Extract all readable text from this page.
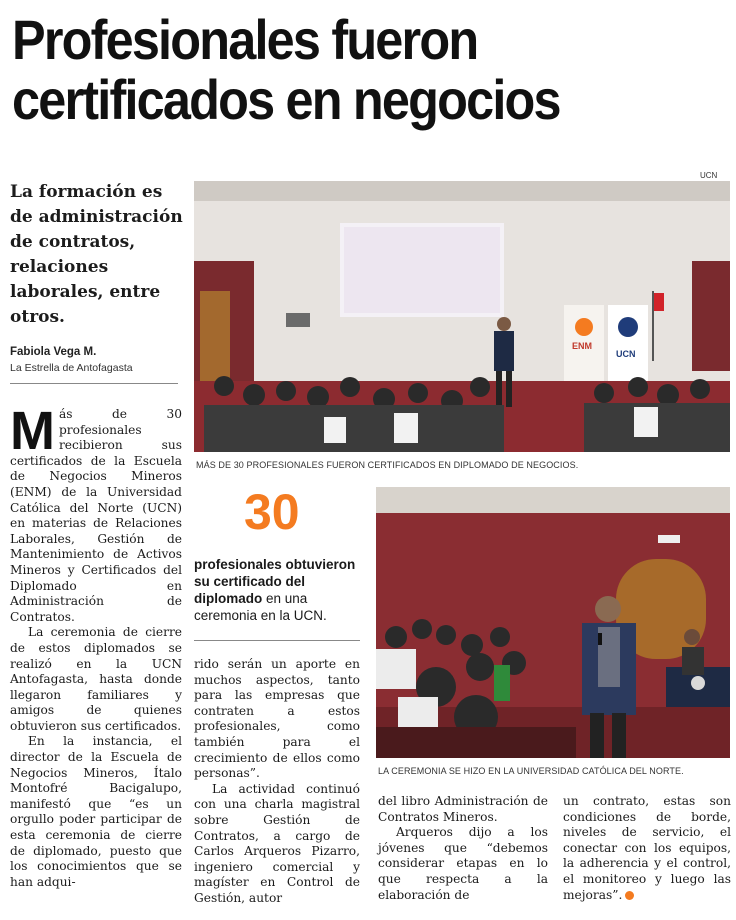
Profesionales fueron certificados en negocios
La formación es de administración de contratos, relaciones laborales, entre otros.
Fabiola Vega M.
La Estrella de Antofagasta
UCN
ENM
UCN
MÁS DE 30 PROFESIONALES FUERON CERTIFICADOS EN DIPLOMADO DE NEGOCIOS.
LA CEREMONIA SE HIZO EN LA UNIVERSIDAD CATÓLICA DEL NORTE.
30
profesionales obtuvieron su certificado del diplomado en una ceremonia en la UCN.

Más de 30 profesionales recibieron sus certificados de la Escuela de Negocios Mineros (ENM) de la Universidad Católica del Norte (UCN) en materias de Relaciones Laborales, Gestión de Mantenimiento de Activos Mineros y Certificados del Diplomado en Administración de Contratos.

La ceremonia de cierre de estos diplomados se realizó en la UCN Antofagasta, hasta donde llegaron familiares y amigos de quienes obtuvieron sus certificados.

En la instancia, el director de la Escuela de Negocios Mineros, Ítalo Montofré Bacigalupo, manifestó que “es un orgullo poder participar de esta ceremonia de cierre de diplomado, puesto que los conocimientos que se han adqui-

rido serán un aporte en muchos aspectos, tanto para las empresas que contraten a estos profesionales, como también para el crecimiento de ellos como personas”.

La actividad continuó con una charla magistral sobre Gestión de Contratos, a cargo de Carlos Arqueros Pizarro, ingeniero comercial y magíster en Control de Gestión, autor

del libro Administración de Contratos Mineros.

Arqueros dijo a los jóvenes que “debemos considerar etapas en lo que respecta a la elaboración de

un contrato, estas son condiciones de borde, niveles de servicio, el conectar con los equipos, la adherencia y el control, el monitoreo y luego las mejoras”.
